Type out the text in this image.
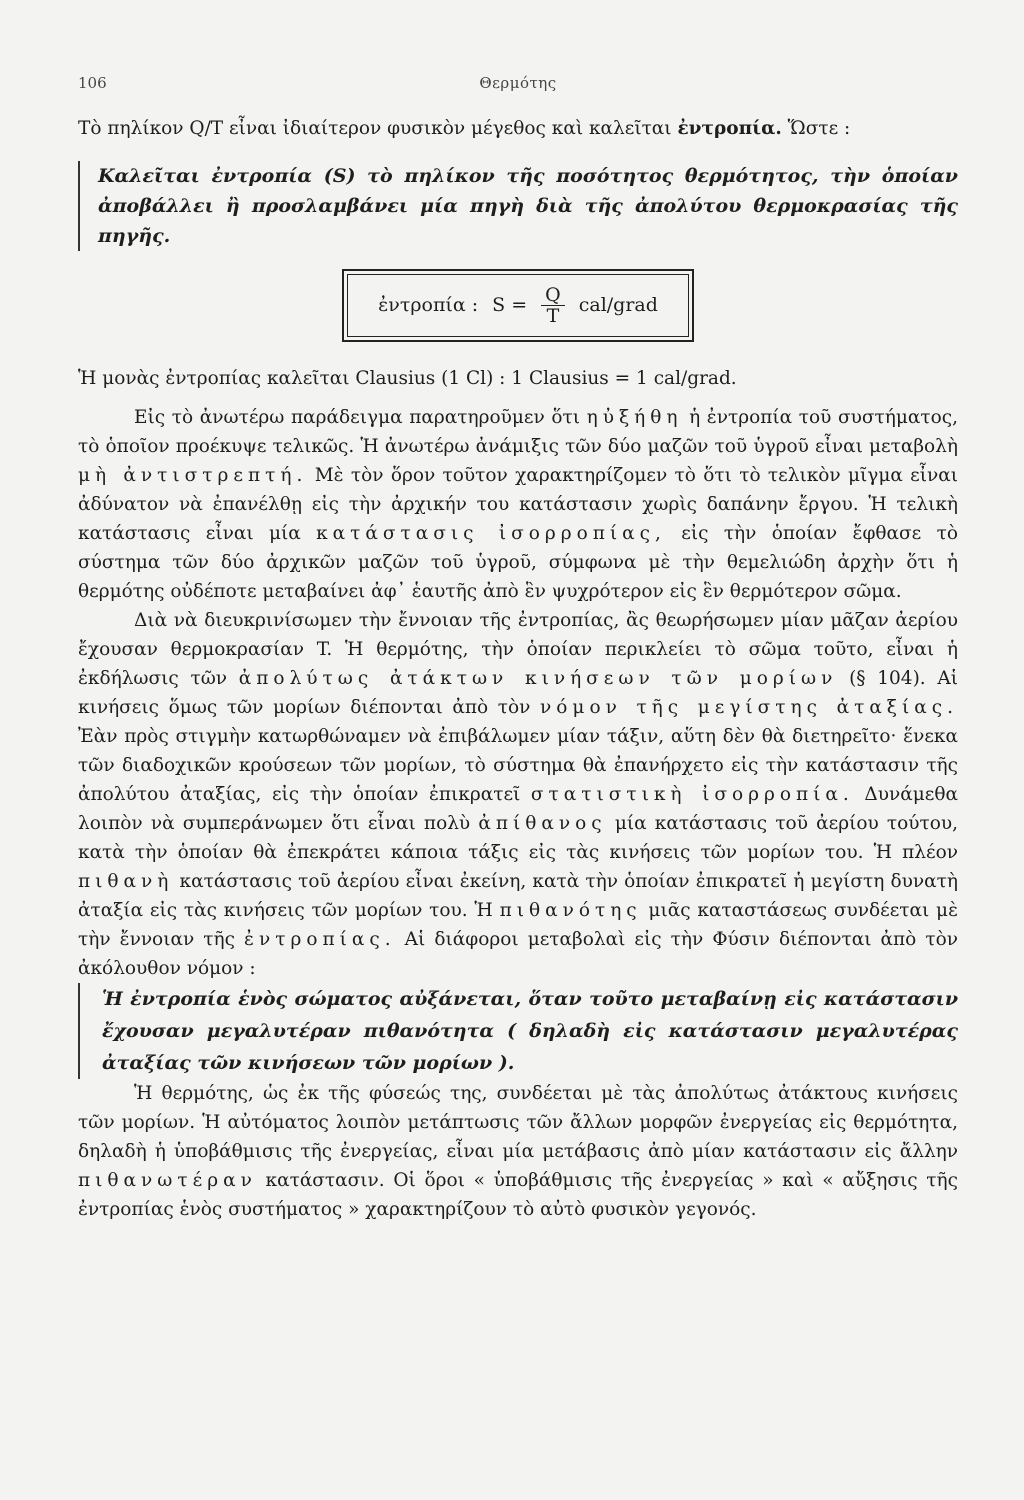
106	Θερμότης

Τὸ πηλίκον Q/T εἶναι ἰδιαίτερον φυσικὸν μέγεθος καὶ καλεῖται ἐντροπία. Ὥστε :

Καλεῖται ἐντροπία (S) τὸ πηλίκον τῆς ποσότητος θερμότητος, τὴν ὁποίαν ἀποβάλλει ἢ προσλαμβάνει μία πηγὴ διὰ τῆς ἀπολύτου θερμοκρασίας τῆς πηγῆς.

ἐντροπία : $S = \frac{Q}{T}$ cal/grad

Ἡ μονὰς ἐντροπίας καλεῖται Clausius (1 Cl) : 1 Clausius = 1 cal/grad.

Εἰς τὸ ἀνωτέρω παράδειγμα παρατηροῦμεν ὅτι ηὐξήθη ἡ ἐντροπία τοῦ συστήματος, τὸ ὁποῖον προέκυψε τελικῶς. Ἡ ἀνωτέρω ἀνάμιξις τῶν δύο μαζῶν τοῦ ὑγροῦ εἶναι μεταβολὴ μὴ ἀντιστρεπτή. Μὲ τὸν ὅρον τοῦτον χαρακτηρίζομεν τὸ ὅτι τὸ τελικὸν μῖγμα εἶναι ἀδύνατον νὰ ἐπανέλθῃ εἰς τὴν ἀρχικήν του κατάστασιν χωρὶς δαπάνην ἔργου. Ἡ τελικὴ κατάστασις εἶναι μία κατάστασις ἰσορροπίας, εἰς τὴν ὁποίαν ἔφθασε τὸ σύστημα τῶν δύο ἀρχικῶν μαζῶν τοῦ ὑγροῦ, σύμφωνα μὲ τὴν θεμελιώδη ἀρχὴν ὅτι ἡ θερμότης οὐδέποτε μεταβαίνει ἀφ᾽ ἑαυτῆς ἀπὸ ἓν ψυχρότερον εἰς ἓν θερμότερον σῶμα.

Διὰ νὰ διευκρινίσωμεν τὴν ἔννοιαν τῆς ἐντροπίας, ἂς θεωρήσωμεν μίαν μᾶζαν ἀερίου ἔχουσαν θερμοκρασίαν T. Ἡ θερμότης, τὴν ὁποίαν περικλείει τὸ σῶμα τοῦτο, εἶναι ἡ ἐκδήλωσις τῶν ἀπολύτως ἀτάκτων κινήσεων τῶν μορίων (§ 104). Αἱ κινήσεις ὅμως τῶν μορίων διέπονται ἀπὸ τὸν νόμον τῆς μεγίστης ἀταξίας. Ἐὰν πρὸς στιγμὴν κατωρθώναμεν νὰ ἐπιβάλωμεν μίαν τάξιν, αὕτη δὲν θὰ διετηρεῖτο· ἕνεκα τῶν διαδοχικῶν κρούσεων τῶν μορίων, τὸ σύστημα θὰ ἐπανήρχετο εἰς τὴν κατάστασιν τῆς ἀπολύτου ἀταξίας, εἰς τὴν ὁποίαν ἐπικρατεῖ στατιστικὴ ἰσορροπία. Δυνάμεθα λοιπὸν νὰ συμπεράνωμεν ὅτι εἶναι πολὺ ἀπίθανος μία κατάστασις τοῦ ἀερίου τούτου, κατὰ τὴν ὁποίαν θὰ ἐπεκράτει κάποια τάξις εἰς τὰς κινήσεις τῶν μορίων του. Ἡ πλέον πιθανὴ κατάστασις τοῦ ἀερίου εἶναι ἐκείνη, κατὰ τὴν ὁποίαν ἐπικρατεῖ ἡ μεγίστη δυνατὴ ἀταξία εἰς τὰς κινήσεις τῶν μορίων του. Ἡ πιθανότης μιᾶς καταστάσεως συνδέεται μὲ τὴν ἔννοιαν τῆς ἐντροπίας. Αἱ διάφοροι μεταβολαὶ εἰς τὴν Φύσιν διέπονται ἀπὸ τὸν ἀκόλουθον νόμον :

Ἡ ἐντροπία ἑνὸς σώματος αὐξάνεται, ὅταν τοῦτο μεταβαίνῃ εἰς κατάστασιν ἔχουσαν μεγαλυτέραν πιθανότητα ( δηλαδὴ εἰς κατάστασιν μεγαλυτέρας ἀταξίας τῶν κινήσεων τῶν μορίων ).

Ἡ θερμότης, ὡς ἐκ τῆς φύσεώς της, συνδέεται μὲ τὰς ἀπολύτως ἀτάκτους κινήσεις τῶν μορίων. Ἡ αὐτόματος λοιπὸν μετάπτωσις τῶν ἄλλων μορφῶν ἐνεργείας εἰς θερμότητα, δηλαδὴ ἡ ὑποβάθμισις τῆς ἐνεργείας, εἶναι μία μετάβασις ἀπὸ μίαν κατάστασιν εἰς ἄλλην πιθανωτέραν κατάστασιν. Οἱ ὅροι « ὑποβάθμισις τῆς ἐνεργείας » καὶ « αὔξησις τῆς ἐντροπίας ἑνὸς συστήματος » χαρακτηρίζουν τὸ αὐτὸ φυσικὸν γεγονός.
